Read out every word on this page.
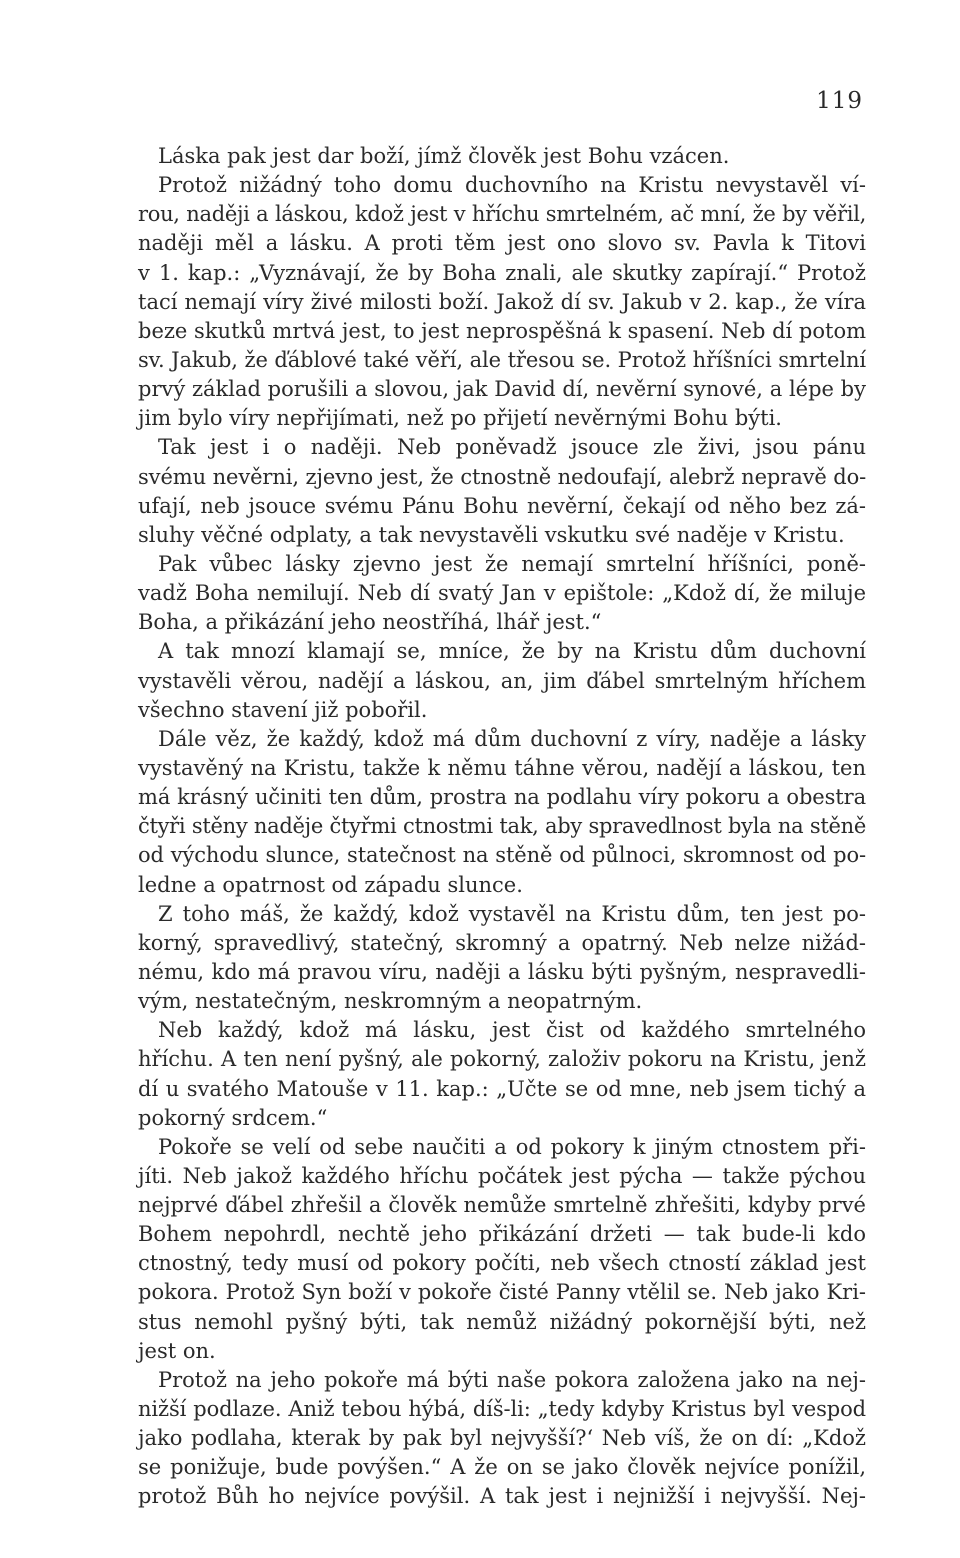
119
Láska pak jest dar boží, jímž člověk jest Bohu vzácen.
Protož nižádný toho domu duchovního na Kristu nevystavěl ví-
rou, naději a láskou, kdož jest v hříchu smrtelném, ač mní, že by věřil,
naději měl a lásku. A proti těm jest ono slovo sv. Pavla k Titovi
v 1. kap.: „Vyznávají, že by Boha znali, ale skutky zapírají.“ Protož
tací nemají víry živé milosti boží. Jakož dí sv. Jakub v 2. kap., že víra
beze skutků mrtvá jest, to jest neprospěšná k spasení. Neb dí potom
sv. Jakub, že ďáblové také věří, ale třesou se. Protož hříšníci smrtelní
prvý základ porušili a slovou, jak David dí, nevěrní synové, a lépe by
jim bylo víry nepřijímati, než po přijetí nevěrnými Bohu býti.
Tak jest i o naději. Neb poněvadž jsouce zle živi, jsou pánu
svému nevěrni, zjevno jest, že ctnostně nedoufají, alebrž nepravě do-
ufají, neb jsouce svému Pánu Bohu nevěrní, čekají od něho bez zá-
sluhy věčné odplaty, a tak nevystavěli vskutku své naděje v Kristu.
Pak vůbec lásky zjevno jest že nemají smrtelní hříšníci, poně-
vadž Boha nemilují. Neb dí svatý Jan v epištole: „Kdož dí, že miluje
Boha, a přikázání jeho neostříhá, lhář jest.“
A tak mnozí klamají se, mníce, že by na Kristu dům duchovní
vystavěli věrou, nadějí a láskou, an, jim ďábel smrtelným hříchem
všechno stavení již pobořil.
Dále věz, že každý, kdož má dům duchovní z víry, naděje a lásky
vystavěný na Kristu, takže k němu táhne věrou, nadějí a láskou, ten
má krásný učiniti ten dům, prostra na podlahu víry pokoru a obestra
čtyři stěny naděje čtyřmi ctnostmi tak, aby spravedlnost byla na stěně
od východu slunce, statečnost na stěně od půlnoci, skromnost od po-
ledne a opatrnost od západu slunce.
Z toho máš, že každý, kdož vystavěl na Kristu dům, ten jest po-
korný, spravedlivý, statečný, skromný a opatrný. Neb nelze nižád-
nému, kdo má pravou víru, naději a lásku býti pyšným, nespravedli-
vým, nestatečným, neskromným a neopatrným.
Neb každý, kdož má lásku, jest čist od každého smrtelného
hříchu. A ten není pyšný, ale pokorný, založiv pokoru na Kristu, jenž
dí u svatého Matouše v 11. kap.: „Učte se od mne, neb jsem tichý a
pokorný srdcem.“
Pokoře se velí od sebe naučiti a od pokory k jiným ctnostem při-
jíti. Neb jakož každého hříchu počátek jest pýcha — takže pýchou
nejprvé ďábel zhřešil a člověk nemůže smrtelně zhřešiti, kdyby prvé
Bohem nepohrdl, nechtě jeho přikázání držeti — tak bude-li kdo
ctnostný, tedy musí od pokory počíti, neb všech ctností základ jest
pokora. Protož Syn boží v pokoře čisté Panny vtělil se. Neb jako Kri-
stus nemohl pyšný býti, tak nemůž nižádný pokornější býti, než
jest on.
Protož na jeho pokoře má býti naše pokora založena jako na nej-
nižší podlaze. Aniž tebou hýbá, díš-li: „tedy kdyby Kristus byl vespod
jako podlaha, kterak by pak byl nejvyšší?‘ Neb víš, že on dí: „Kdož
se ponižuje, bude povýšen.“ A že on se jako člověk nejvíce ponížil,
protož Bůh ho nejvíce povýšil. A tak jest i nejnižší i nejvyšší. Nej-
